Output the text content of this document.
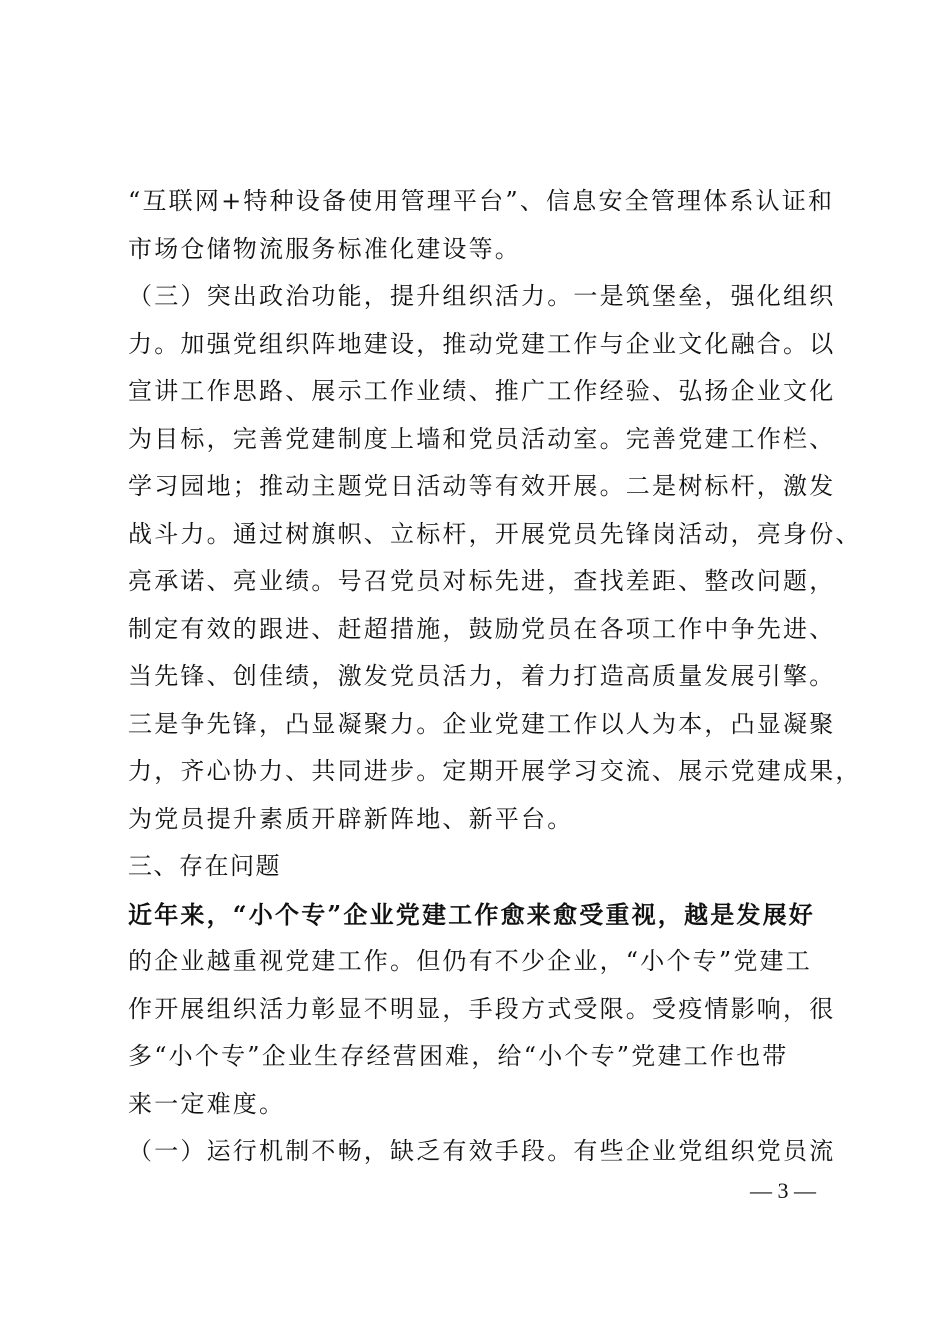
“互联网+特种设备使用管理平台”、信息安全管理体系认证和
市场仓储物流服务标准化建设等。
（三）突出政治功能，提升组织活力。一是筑堡垒，强化组织
力。加强党组织阵地建设，推动党建工作与企业文化融合。以
宣讲工作思路、展示工作业绩、推广工作经验、弘扬企业文化
为目标，完善党建制度上墙和党员活动室。完善党建工作栏、
学习园地；推动主题党日活动等有效开展。二是树标杆，激发
战斗力。通过树旗帜、立标杆，开展党员先锋岗活动，亮身份、
亮承诺、亮业绩。号召党员对标先进，查找差距、整改问题，
制定有效的跟进、赶超措施，鼓励党员在各项工作中争先进、
当先锋、创佳绩，激发党员活力，着力打造高质量发展引擎。
三是争先锋，凸显凝聚力。企业党建工作以人为本，凸显凝聚
力，齐心协力、共同进步。定期开展学习交流、展示党建成果，
为党员提升素质开辟新阵地、新平台。
三、存在问题
近年来，“小个专”企业党建工作愈来愈受重视，越是发展好
的企业越重视党建工作。但仍有不少企业，“小个专”党建工
作开展组织活力彰显不明显，手段方式受限。受疫情影响，很
多“小个专”企业生存经营困难，给“小个专”党建工作也带
来一定难度。
（一）运行机制不畅，缺乏有效手段。有些企业党组织党员流
— 3 —
